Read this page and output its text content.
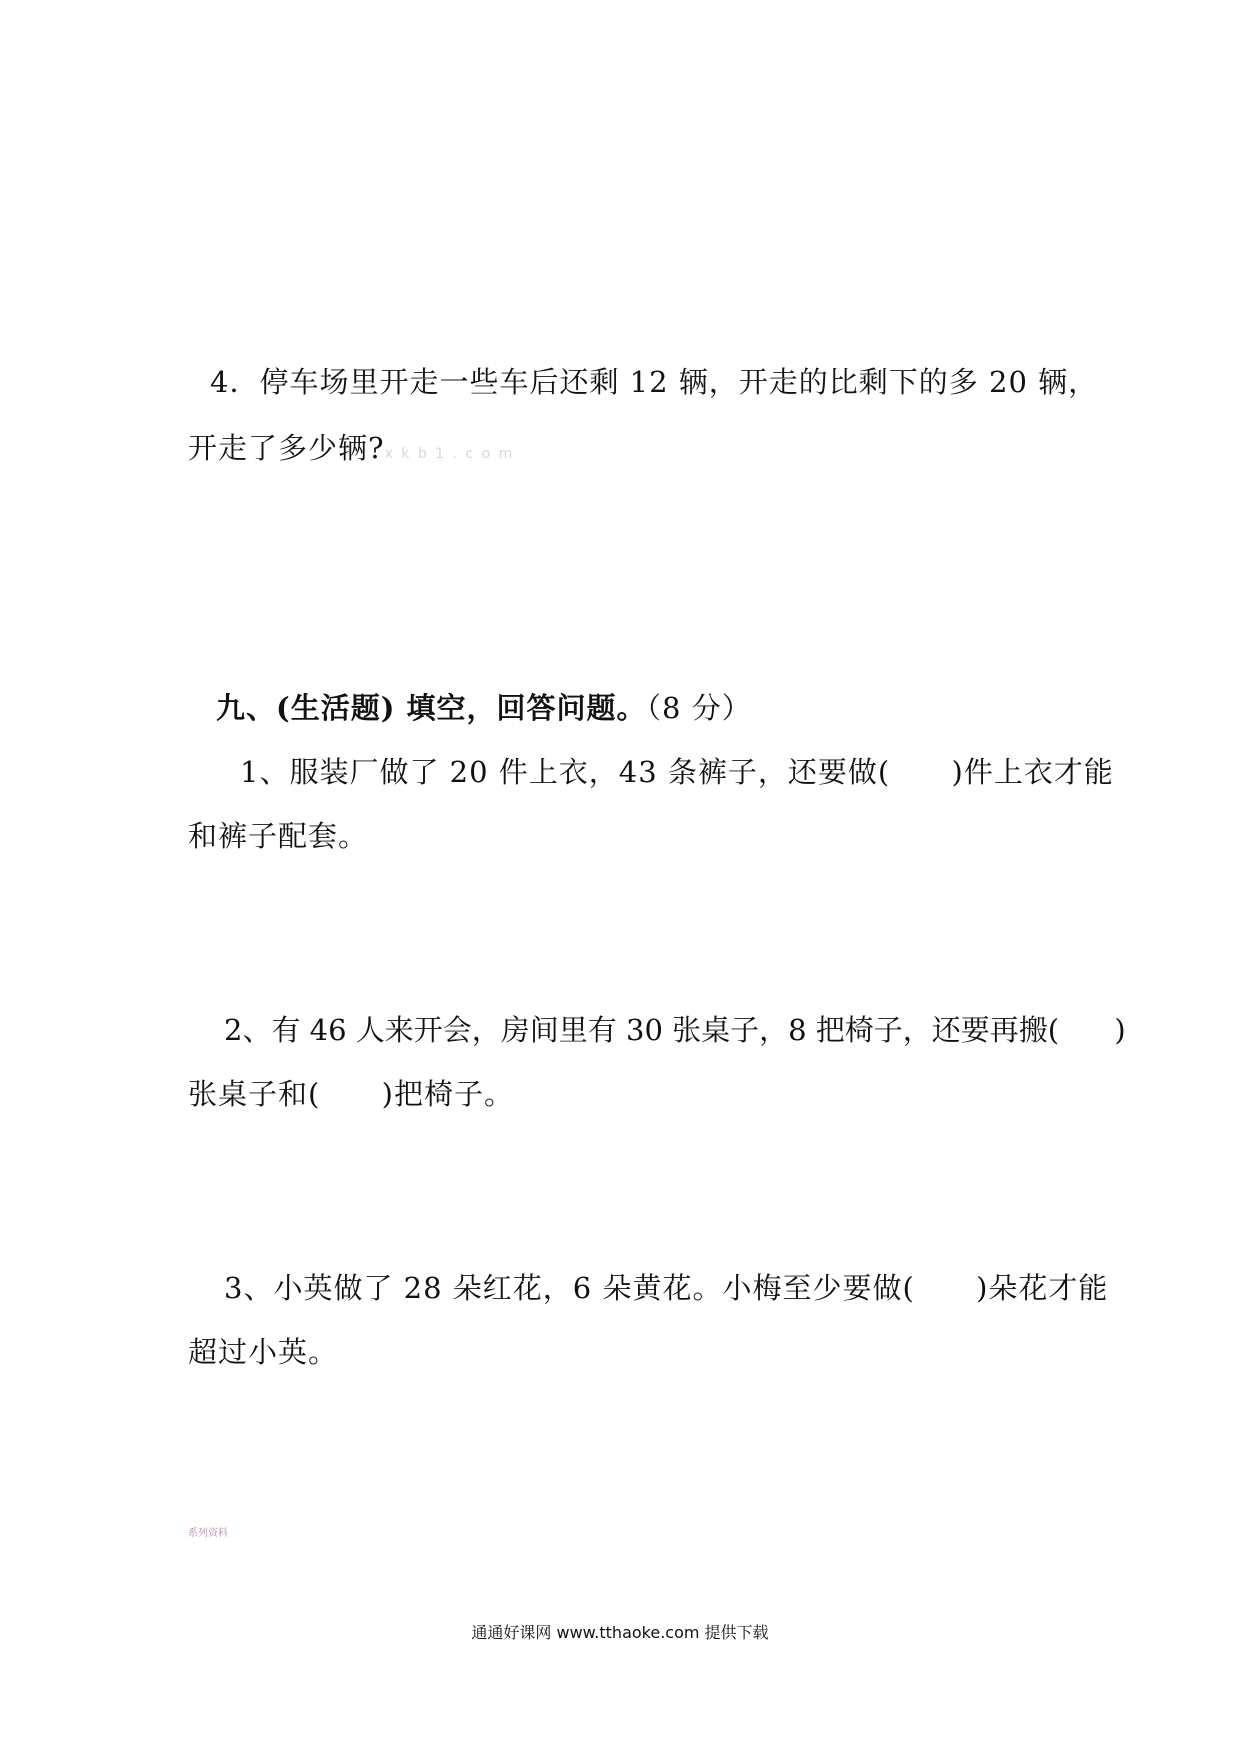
4．停车场里开走一些车后还剩 12 辆，开走的比剩下的多 20 辆，
开走了多少辆?x k b 1 . c o m
九、(生活题) 填空，回答问题。（8 分）
1、服装厂做了 20 件上衣，43 条裤子，还要做(      )件上衣才能
和裤子配套。
2、有 46 人来开会，房间里有 30 张桌子，8 把椅子，还要再搬(      )
张桌子和(      )把椅子。
3、小英做了 28 朵红花，6 朵黄花。小梅至少要做(      )朵花才能
超过小英。
系列资料
通通好课网 www.tthaoke.com 提供下载
